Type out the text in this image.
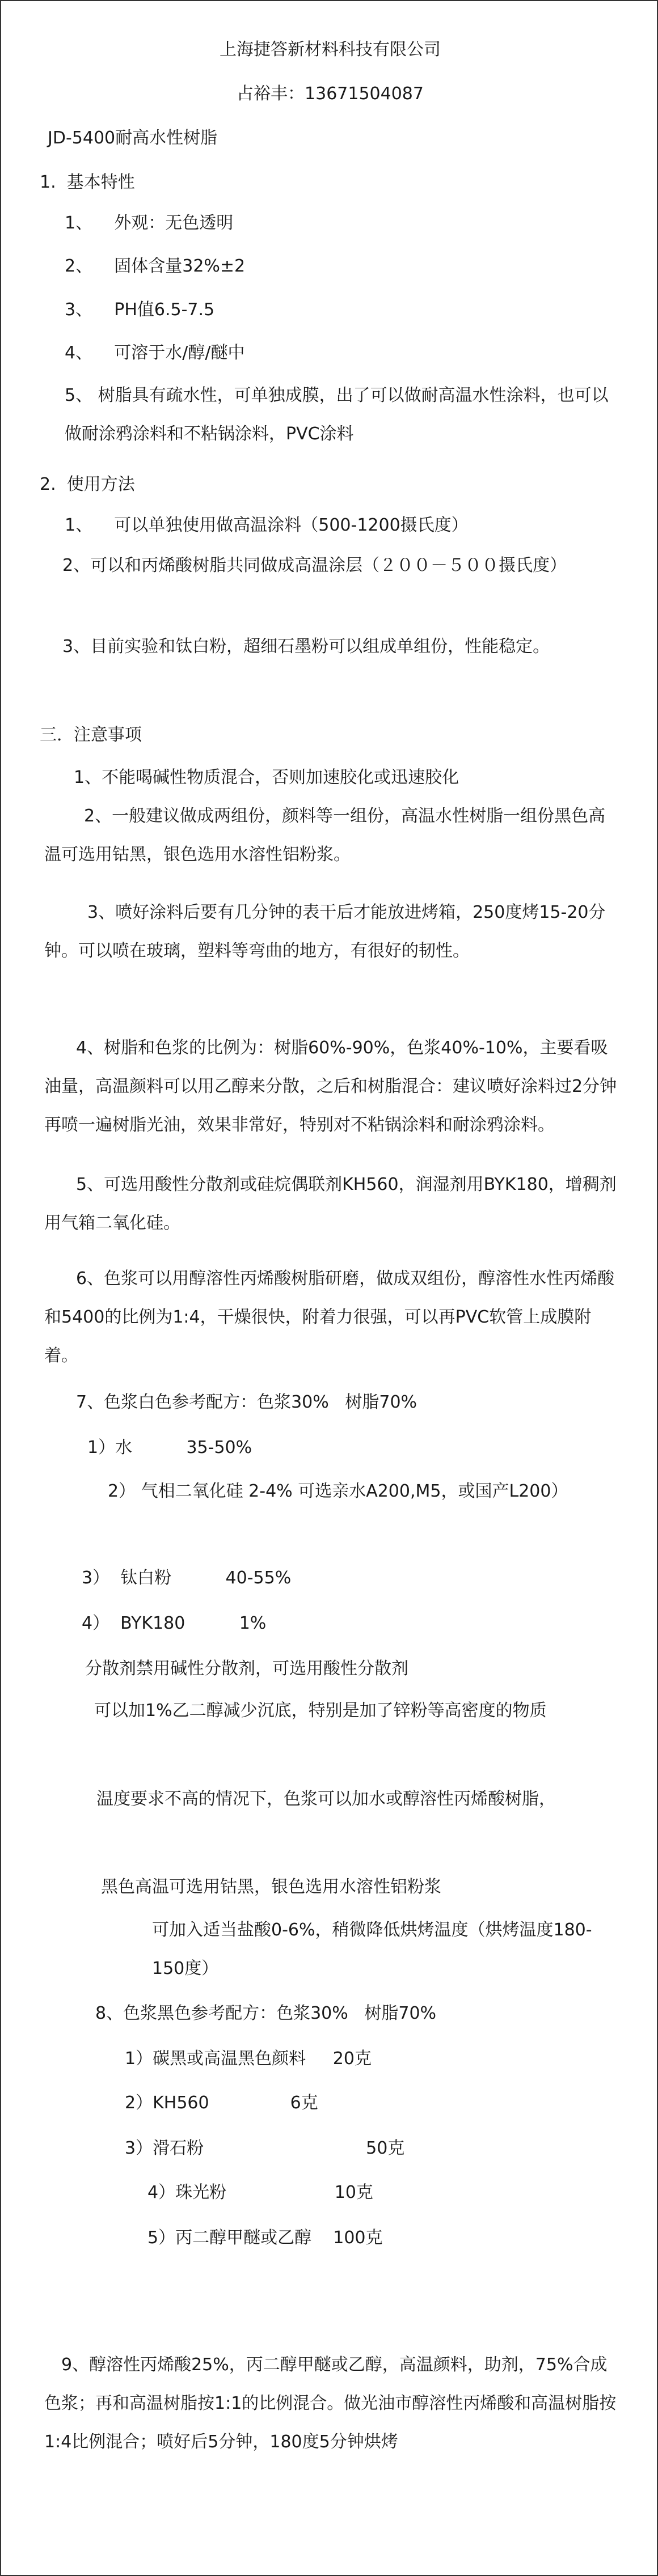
上海捷答新材料科技有限公司
占裕丰：13671504087
JD-5400耐高水性树脂
1.  基本特性
1、    外观：无色透明
2、    固体含量32%±2
3、    PH值6.5-7.5
4、    可溶于水/醇/醚中
5、 树脂具有疏水性，可单独成膜，出了可以做耐高温水性涂料，也可以做耐涂鸦涂料和不粘锅涂料，PVC涂料
2.  使用方法
1、    可以单独使用做高温涂料（500-1200摄氏度）
2、可以和丙烯酸树脂共同做成高温涂层（２００－５００摄氏度）
3、目前实验和钛白粉，超细石墨粉可以组成单组份，性能稳定。
三．注意事项
1、不能喝碱性物质混合，否则加速胶化或迅速胶化
2、一般建议做成两组份，颜料等一组份，高温水性树脂一组份黑色高温可选用钴黑，银色选用水溶性铝粉浆。
3、喷好涂料后要有几分钟的表干后才能放进烤箱，250度烤15-20分钟。可以喷在玻璃，塑料等弯曲的地方，有很好的韧性。
4、树脂和色浆的比例为：树脂60%-90%，色浆40%-10%，主要看吸油量，高温颜料可以用乙醇来分散，之后和树脂混合：建议喷好涂料过2分钟再喷一遍树脂光油，效果非常好，特别对不粘锅涂料和耐涂鸦涂料。
5、可选用酸性分散剂或硅烷偶联剂KH560，润湿剂用BYK180，增稠剂用气箱二氧化硅。
6、色浆可以用醇溶性丙烯酸树脂研磨，做成双组份，醇溶性水性丙烯酸和5400的比例为1:4，干燥很快，附着力很强，可以再PVC软管上成膜附着。
7、色浆白色参考配方：色浆30%   树脂70%
1）水          35-50%
2） 气相二氧化硅 2-4% 可选亲水A200,M5，或国产L200）
3）  钛白粉          40-55%
4）  BYK180          1%
分散剂禁用碱性分散剂，可选用酸性分散剂
可以加1%乙二醇减少沉底，特别是加了锌粉等高密度的物质
温度要求不高的情况下，色浆可以加水或醇溶性丙烯酸树脂，
黑色高温可选用钴黑，银色选用水溶性铝粉浆
可加入适当盐酸0-6%，稍微降低烘烤温度（烘烤温度180-150度）
8、色浆黑色参考配方：色浆30%   树脂70%
1）碳黑或高温黑色颜料     20克
2）KH560               6克
3）滑石粉                              50克
4）珠光粉                    10克
5）丙二醇甲醚或乙醇    100克
9、醇溶性丙烯酸25%，丙二醇甲醚或乙醇，高温颜料，助剂，75%合成色浆；再和高温树脂按1:1的比例混合。做光油市醇溶性丙烯酸和高温树脂按1:4比例混合；喷好后5分钟，180度5分钟烘烤
